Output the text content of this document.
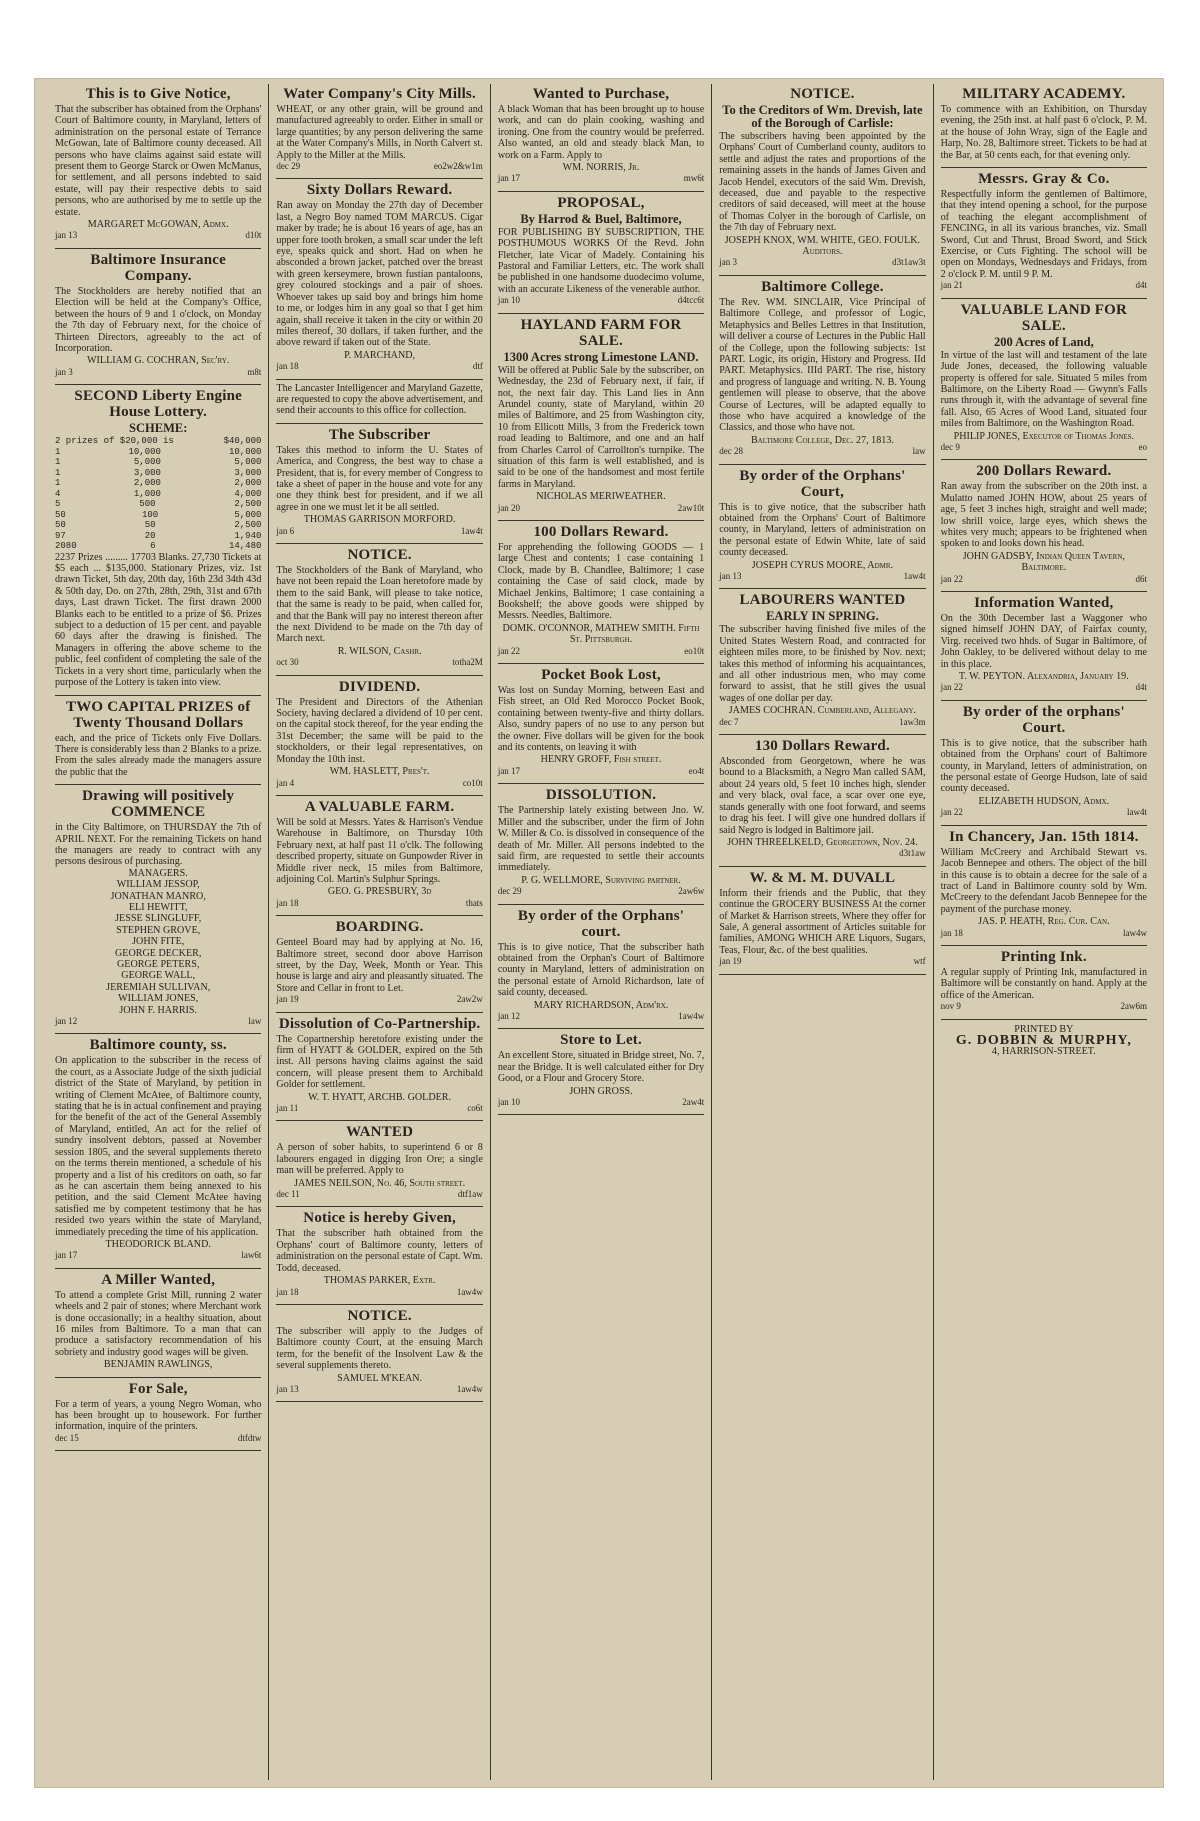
This is to Give Notice,
That the subscriber has obtained from the Orphans' Court of Baltimore county, in Maryland, letters of administration on the personal estate of Terrance McGowan, late of Baltimore county deceased. All persons who have claims against said estate will present them to George Starck or Owen McManus, for settlement, and all persons indebted to said estate, will pay their respective debts to said persons, who are authorised by me to settle up the estate.
MARGARET McGOWAN, Admx.
jan 13	d10t
Baltimore Insurance Company.
The Stockholders are hereby notified that an Election will be held at the Company's Office, between the hours of 9 and 1 o'clock, on Monday the 7th day of February next, for the choice of Thirteen Directors, agreeably to the act of Incorporation.
WILLIAM G. COCHRAN, Sec'ry.
jan 3	m8t
SECOND Liberty Engine House Lottery.
SCHEME:
2 prizes of $20,000 is	$40,000
1	10,000	10,000
1	5,000	5,000
1	3,000	3,000
1	2,000	2,000
4	1,000	4,000
5	500	2,500
50	100	5,000
50	50	2,500
97	20	1,940
2080	6	14,480
2237 Prizes ......... 17703 Blanks. 27,730 Tickets at $5 each ... $135,000. Stationary Prizes, viz. 1st drawn Ticket, 5th day, 20th day, 16th 23d 34th 43d & 50th day, Do. on 27th, 28th, 29th, 31st and 67th days, Last drawn Ticket. The first drawn 2000 Blanks each to be entitled to a prize of $6. Prizes subject to a deduction of 15 per cent. and payable 60 days after the drawing is finished. The Managers in offering the above scheme to the public, feel confident of completing the sale of the Tickets in a very short time, particularly when the purpose of the Lottery is taken into view.
TWO CAPITAL PRIZES of Twenty Thousand Dollars
each, and the price of Tickets only Five Dollars. There is considerably less than 2 Blanks to a prize. From the sales already made the managers assure the public that the
Drawing will positively COMMENCE
in the City Baltimore, on THURSDAY the 7th of APRIL NEXT. For the remaining Tickets on hand the managers are ready to contract with any persons desirous of purchasing.
MANAGERS.
WILLIAM JESSOP,
JONATHAN MANRO,
ELI HEWITT,
JESSE SLINGLUFF,
STEPHEN GROVE,
JOHN FITE,
GEORGE DECKER,
GEORGE PETERS,
GEORGE WALL,
JEREMIAH SULLIVAN,
WILLIAM JONES,
JOHN F. HARRIS.
jan 12	law
Baltimore county, ss.
On application to the subscriber in the recess of the court, as a Associate Judge of the sixth judicial district of the State of Maryland, by petition in writing of Clement McAtee, of Baltimore county, stating that he is in actual confinement and praying for the benefit of the act of the General Assembly of Maryland, entitled, An act for the relief of sundry insolvent debtors, passed at November session 1805, and the several supplements thereto on the terms therein mentioned, a schedule of his property and a list of his creditors on oath, so far as he can ascertain them being annexed to his petition, and the said Clement McAtee having satisfied me by competent testimony that he has resided two years within the state of Maryland, immediately preceding the time of his application.
THEODORICK BLAND.
jan 17	law6t
A Miller Wanted,
To attend a complete Grist Mill, running 2 water wheels and 2 pair of stones; where Merchant work is done occasionally; in a healthy situation, about 16 miles from Baltimore. To a man that can produce a satisfactory recommendation of his sobriety and industry good wages will be given.
BENJAMIN RAWLINGS,
For Sale,
For a term of years, a young Negro Woman, who has been brought up to housework. For further information, inquire of the printers.
dec 15	dtfdtw
Water Company's City Mills.
WHEAT, or any other grain, will be ground and manufactured agreeably to order. Either in small or large quantities; by any person delivering the same at the Water Company's Mills, in North Calvert st. Apply to the Miller at the Mills.
dec 29	eo2w2&w1m
Sixty Dollars Reward.
Ran away on Monday the 27th day of December last, a Negro Boy named TOM MARCUS. Cigar maker by trade; he is about 16 years of age, has an upper fore tooth broken, a small scar under the left eye, speaks quick and short. Had on when he absconded a brown jacket, patched over the breast with green kerseymere, brown fustian pantaloons, grey coloured stockings and a pair of shoes. Whoever takes up said boy and brings him home to me, or lodges him in any goal so that I get him again, shall receive it taken in the city or within 20 miles thereof, 30 dollars, if taken further, and the above reward if taken out of the State.
P. MARCHAND,
jan 18	dtf
The Lancaster Intelligencer and Maryland Gazette, are requested to copy the above advertisement, and send their accounts to this office for collection.
The Subscriber
Takes this method to inform the U. States of America, and Congress, the best way to chase a President, that is, for every member of Congress to take a sheet of paper in the house and vote for any one they think best for president, and if we all agree in one we must let it be all settled.
THOMAS GARRISON MORFORD.
jan 6	1aw4t
NOTICE.
The Stockholders of the Bank of Maryland, who have not been repaid the Loan heretofore made by them to the said Bank, will please to take notice, that the same is ready to be paid, when called for, and that the Bank will pay no interest thereon after the next Dividend to be made on the 7th day of March next.
R. WILSON, Cashr.
oct 30	totha2M
DIVIDEND.
The President and Directors of the Athenian Society, having declared a dividend of 10 per cent. on the capital stock thereof, for the year ending the 31st December; the same will be paid to the stockholders, or their legal representatives, on Monday the 10th inst.
WM. HASLETT, Pres't.
jan 4	co10t
A VALUABLE FARM.
Will be sold at Messrs. Yates & Harrison's Vendue Warehouse in Baltimore, on Thursday 10th February next, at half past 11 o'clk. The following described property, situate on Gunpowder River in Middle river neck, 15 miles from Baltimore, adjoining Col. Martin's Sulphur Springs.
GEO. G. PRESBURY, 3d
jan 18	thats
BOARDING.
Genteel Board may had by applying at No. 16, Baltimore street, second door above Harrison street, by the Day, Week, Month or Year. This house is large and airy and pleasantly situated. The Store and Cellar in front to Let.
jan 19	2aw2w
Dissolution of Co-Partnership.
The Copartnership heretofore existing under the firm of HYATT & GOLDER, expired on the 5th inst. All persons having claims against the said concern, will please present them to Archibald Golder for settlement.
W. T. HYATT, ARCHB. GOLDER.
jan 11	co6t
WANTED
A person of sober habits, to superintend 6 or 8 labourers engaged in digging Iron Ore; a single man will be preferred. Apply to
JAMES NEILSON, No. 46, South street.
dec 11	dtf1aw
Notice is hereby Given,
That the subscriber hath obtained from the Orphans' court of Baltimore county, letters of administration on the personal estate of Capt. Wm. Todd, deceased.
THOMAS PARKER, Extr.
jan 18	1aw4w
NOTICE.
The subscriber will apply to the Judges of Baltimore county Court, at the ensuing March term, for the benefit of the Insolvent Law & the several supplements thereto.
SAMUEL M'KEAN.
jan 13	1aw4w
Wanted to Purchase,
A black Woman that has been brought up to house work, and can do plain cooking, washing and ironing. One from the country would be preferred. Also wanted, an old and steady black Man, to work on a Farm. Apply to
WM. NORRIS, Jr.
jan 17	mw6t
PROPOSAL,
By Harrod & Buel, Baltimore,
FOR PUBLISHING BY SUBSCRIPTION, THE POSTHUMOUS WORKS Of the Revd. John Fletcher, late Vicar of Madely. Containing his Pastoral and Familiar Letters, etc. The work shall be published in one handsome duodecimo volume, with an accurate Likeness of the venerable author.
jan 10	d4tcc6t
HAYLAND FARM FOR SALE.
1300 Acres strong Limestone LAND.
Will be offered at Public Sale by the subscriber, on Wednesday, the 23d of February next, if fair, if not, the next fair day. This Land lies in Ann Arundel county, state of Maryland, within 20 miles of Baltimore, and 25 from Washington city, 10 from Ellicott Mills, 3 from the Frederick town road leading to Baltimore, and one and an half from Charles Carrol of Carrollton's turnpike. The situation of this farm is well established, and is said to be one of the handsomest and most fertile farms in Maryland.
NICHOLAS MERIWEATHER.
jan 20	2aw10t
100 Dollars Reward.
For apprehending the following GOODS — 1 large Chest and contents; 1 case containing 1 Clock, made by B. Chandlee, Baltimore; 1 case containing the Case of said clock, made by Michael Jenkins, Baltimore; 1 case containing a Bookshelf; the above goods were shipped by Messrs. Needles, Baltimore.
DOMK. O'CONNOR, MATHEW SMITH. Fifth St. Pittsburgh.
jan 22	eo10t
Pocket Book Lost,
Was lost on Sunday Morning, between East and Fish street, an Old Red Morocco Pocket Book, containing between twenty-five and thirty dollars. Also, sundry papers of no use to any person but the owner. Five dollars will be given for the book and its contents, on leaving it with
HENRY GROFF, Fish street.
jan 17	eo4t
DISSOLUTION.
The Partnership lately existing between Jno. W. Miller and the subscriber, under the firm of John W. Miller & Co. is dissolved in consequence of the death of Mr. Miller. All persons indebted to the said firm, are requested to settle their accounts immediately.
P. G. WELLMORE, Surviving partner.
dec 29	2aw6w
By order of the Orphans' court.
This is to give notice, That the subscriber hath obtained from the Orphan's Court of Baltimore county in Maryland, letters of administration on the personal estate of Arnold Richardson, late of said county, deceased.
MARY RICHARDSON, Adm'rx.
jan 12	1aw4w
Store to Let.
An excellent Store, situated in Bridge street, No. 7, near the Bridge. It is well calculated either for Dry Good, or a Flour and Grocery Store.
JOHN GROSS.
jan 10	2aw4t
NOTICE.
To the Creditors of Wm. Drevish, late of the Borough of Carlisle:
The subscribers having been appointed by the Orphans' Court of Cumberland county, auditors to settle and adjust the rates and proportions of the remaining assets in the hands of James Given and Jacob Hendel, executors of the said Wm. Drevish, deceased, due and payable to the respective creditors of said deceased, will meet at the house of Thomas Colyer in the borough of Carlisle, on the 7th day of February next.
JOSEPH KNOX, WM. WHITE, GEO. FOULK. Auditors.
jan 3	d3t1aw3t
Baltimore College.
The Rev. WM. SINCLAIR, Vice Principal of Baltimore College, and professor of Logic, Metaphysics and Belles Lettres in that Institution, will deliver a course of Lectures in the Public Hall of the College, upon the following subjects: 1st PART. Logic, its origin, History and Progress. IId PART. Metaphysics. IIId PART. The rise, history and progress of language and writing. N. B. Young gentlemen will please to observe, that the above Course of Lectures, will be adapted equally to those who have acquired a knowledge of the Classics, and those who have not.
Baltimore College, Dec. 27, 1813.
dec 28	law
By order of the Orphans' Court,
This is to give notice, that the subscriber hath obtained from the Orphans' Court of Baltimore county, in Maryland, letters of administration on the personal estate of Edwin White, late of said county deceased.
JOSEPH CYRUS MOORE, Admr.
jan 13	1aw4t
LABOURERS WANTED
EARLY IN SPRING.
The subscriber having finished five miles of the United States Western Road, and contracted for eighteen miles more, to be finished by Nov. next; takes this method of informing his acquaintances, and all other industrious men, who may come forward to assist, that he still gives the usual wages of one dollar per day.
JAMES COCHRAN. Cumberland, Allegany.
dec 7	1aw3m
130 Dollars Reward.
Absconded from Georgetown, where he was bound to a Blacksmith, a Negro Man called SAM, about 24 years old, 5 feet 10 inches high, slender and very black, oval face, a scar over one eye, stands generally with one foot forward, and seems to drag his feet. I will give one hundred dollars if said Negro is lodged in Baltimore jail.
JOHN THREELKELD, Georgetown, Nov. 24.
d3t1aw
W. & M. M. DUVALL
Inform their friends and the Public, that they continue the GROCERY BUSINESS At the corner of Market & Harrison streets, Where they offer for Sale, A general assortment of Articles suitable for families, AMONG WHICH ARE Liquors, Sugars, Teas, Flour, &c. of the best qualities.
jan 19	wtf
MILITARY ACADEMY.
To commence with an Exhibition, on Thursday evening, the 25th inst. at half past 6 o'clock, P. M. at the house of John Wray, sign of the Eagle and Harp, No. 28, Baltimore street. Tickets to be had at the Bar, at 50 cents each, for that evening only.
Messrs. Gray & Co.
Respectfully inform the gentlemen of Baltimore, that they intend opening a school, for the purpose of teaching the elegant accomplishment of FENCING, in all its various branches, viz. Small Sword, Cut and Thrust, Broad Sword, and Stick Exercise, or Cuts Fighting. The school will be open on Mondays, Wednesdays and Fridays, from 2 o'clock P. M. until 9 P. M.
jan 21	d4t
VALUABLE LAND FOR SALE.
200 Acres of Land,
In virtue of the last will and testament of the late Jude Jones, deceased, the following valuable property is offered for sale. Situated 5 miles from Baltimore, on the Liberty Road — Gwynn's Falls runs through it, with the advantage of several fine fall. Also, 65 Acres of Wood Land, situated four miles from Baltimore, on the Washington Road.
PHILIP JONES, Executor of Thomas Jones.
dec 9	eo
200 Dollars Reward.
Ran away from the subscriber on the 20th inst. a Mulatto named JOHN HOW, about 25 years of age, 5 feet 3 inches high, straight and well made; low shrill voice, large eyes, which shews the whites very much; appears to be frightened when spoken to and looks down his head.
JOHN GADSBY, Indian Queen Tavern, Baltimore.
jan 22	d6t
Information Wanted,
On the 30th December last a Waggoner who signed himself JOHN DAY, of Fairfax county, Virg. received two hhds. of Sugar in Baltimore, of John Oakley, to be delivered without delay to me in this place.
T. W. PEYTON. Alexandria, January 19.
jan 22	d4t
By order of the orphans' Court.
This is to give notice, that the subscriber hath obtained from the Orphans' court of Baltimore county, in Maryland, letters of administration, on the personal estate of George Hudson, late of said county deceased.
ELIZABETH HUDSON, Admx.
jan 22	law4t
In Chancery, Jan. 15th 1814.
William McCreery and Archibald Stewart vs. Jacob Bennepee and others. The object of the bill in this cause is to obtain a decree for the sale of a tract of Land in Baltimore county sold by Wm. McCreery to the defendant Jacob Bennepee for the payment of the purchase money.
JAS. P. HEATH, Reg. Cur. Can.
jan 18	law4w
Printing Ink.
A regular supply of Printing Ink, manufactured in Baltimore will be constantly on hand. Apply at the office of the American.
nov 9	2aw6m
PRINTED BY
G. DOBBIN & MURPHY,
4, HARRISON-STREET.
